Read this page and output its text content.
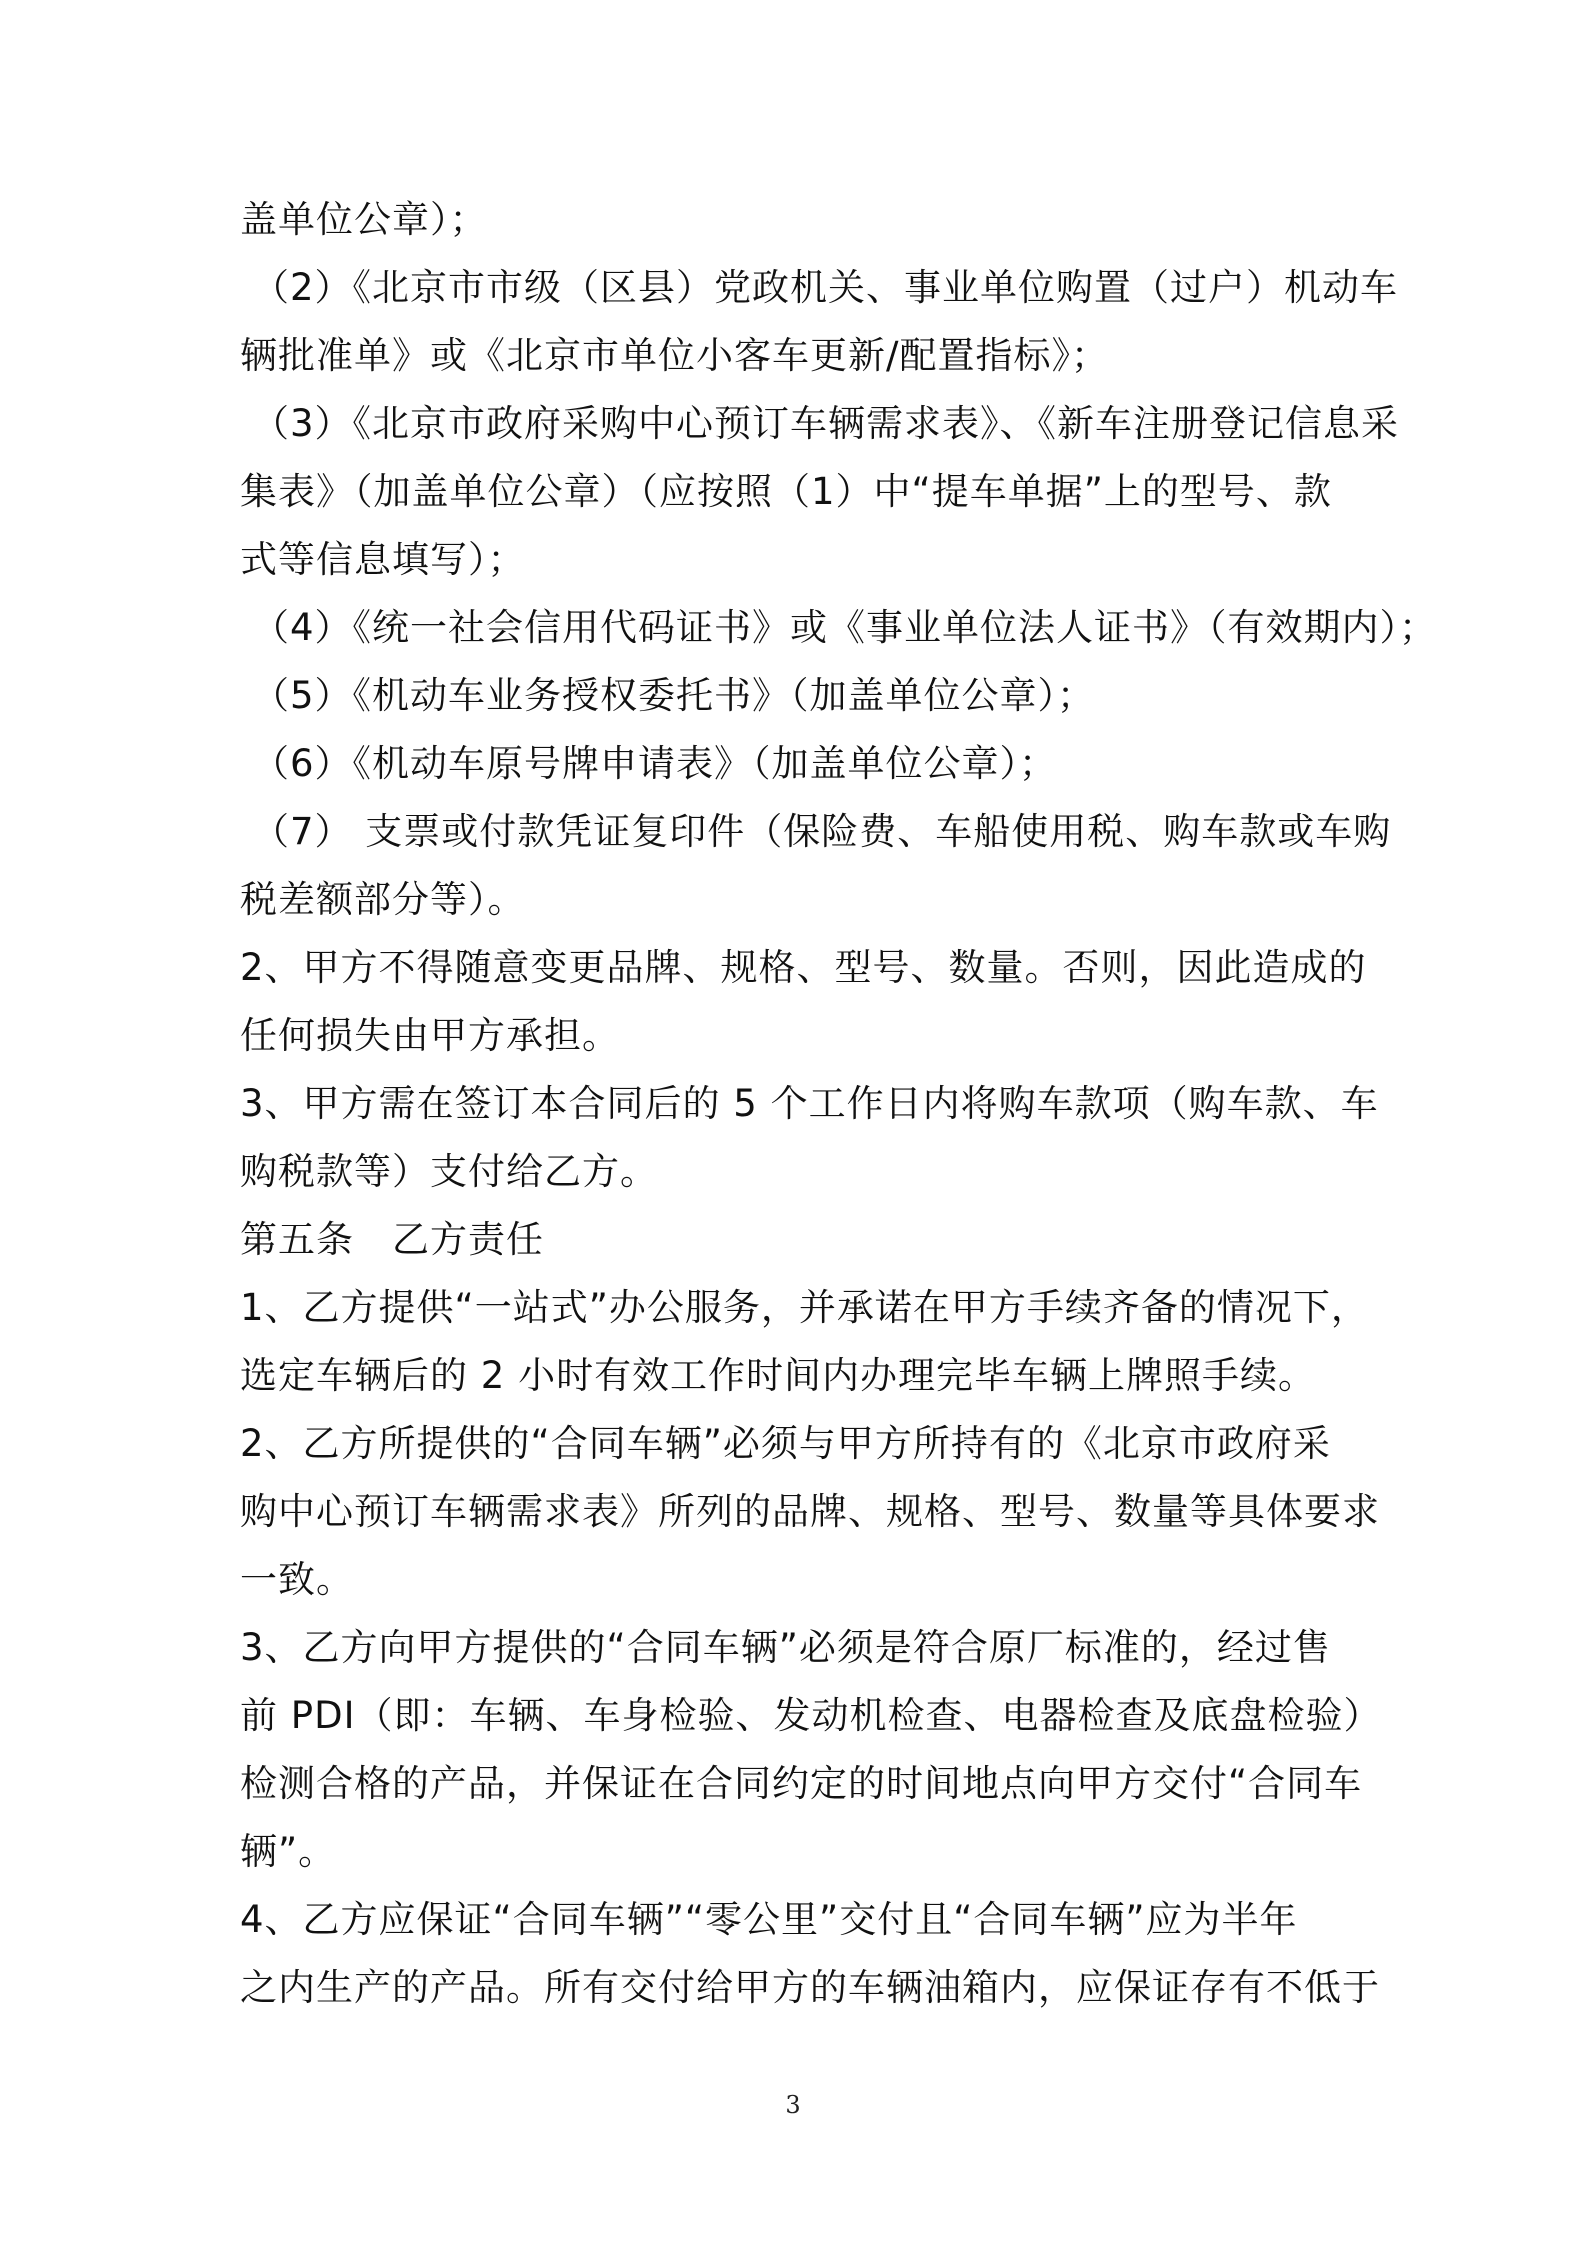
盖单位公章）；
（2）《北京市市级（区县）党政机关、事业单位购置（过户）机动车
辆批准单》或《北京市单位小客车更新/配置指标》；
（3）《北京市政府采购中心预订车辆需求表》、《新车注册登记信息采
集表》（加盖单位公章）（应按照（1）中“提车单据”上的型号、款
式等信息填写）；
（4）《统一社会信用代码证书》或《事业单位法人证书》（有效期内）；
（5）《机动车业务授权委托书》（加盖单位公章）；
（6）《机动车原号牌申请表》（加盖单位公章）；
（7） 支票或付款凭证复印件（保险费、车船使用税、购车款或车购
税差额部分等）。
2、甲方不得随意变更品牌、规格、型号、数量。否则，因此造成的
任何损失由甲方承担。
3、甲方需在签订本合同后的 5 个工作日内将购车款项（购车款、车
购税款等）支付给乙方。
第五条　乙方责任
1、乙方提供“一站式”办公服务，并承诺在甲方手续齐备的情况下，
选定车辆后的 2 小时有效工作时间内办理完毕车辆上牌照手续。
2、乙方所提供的“合同车辆”必须与甲方所持有的《北京市政府采
购中心预订车辆需求表》所列的品牌、规格、型号、数量等具体要求
一致。
3、乙方向甲方提供的“合同车辆”必须是符合原厂标准的，经过售
前 PDI（即：车辆、车身检验、发动机检查、电器检查及底盘检验）
检测合格的产品，并保证在合同约定的时间地点向甲方交付“合同车
辆”。
4、乙方应保证“合同车辆”“零公里”交付且“合同车辆”应为半年
之内生产的产品。所有交付给甲方的车辆油箱内，应保证存有不低于
3
